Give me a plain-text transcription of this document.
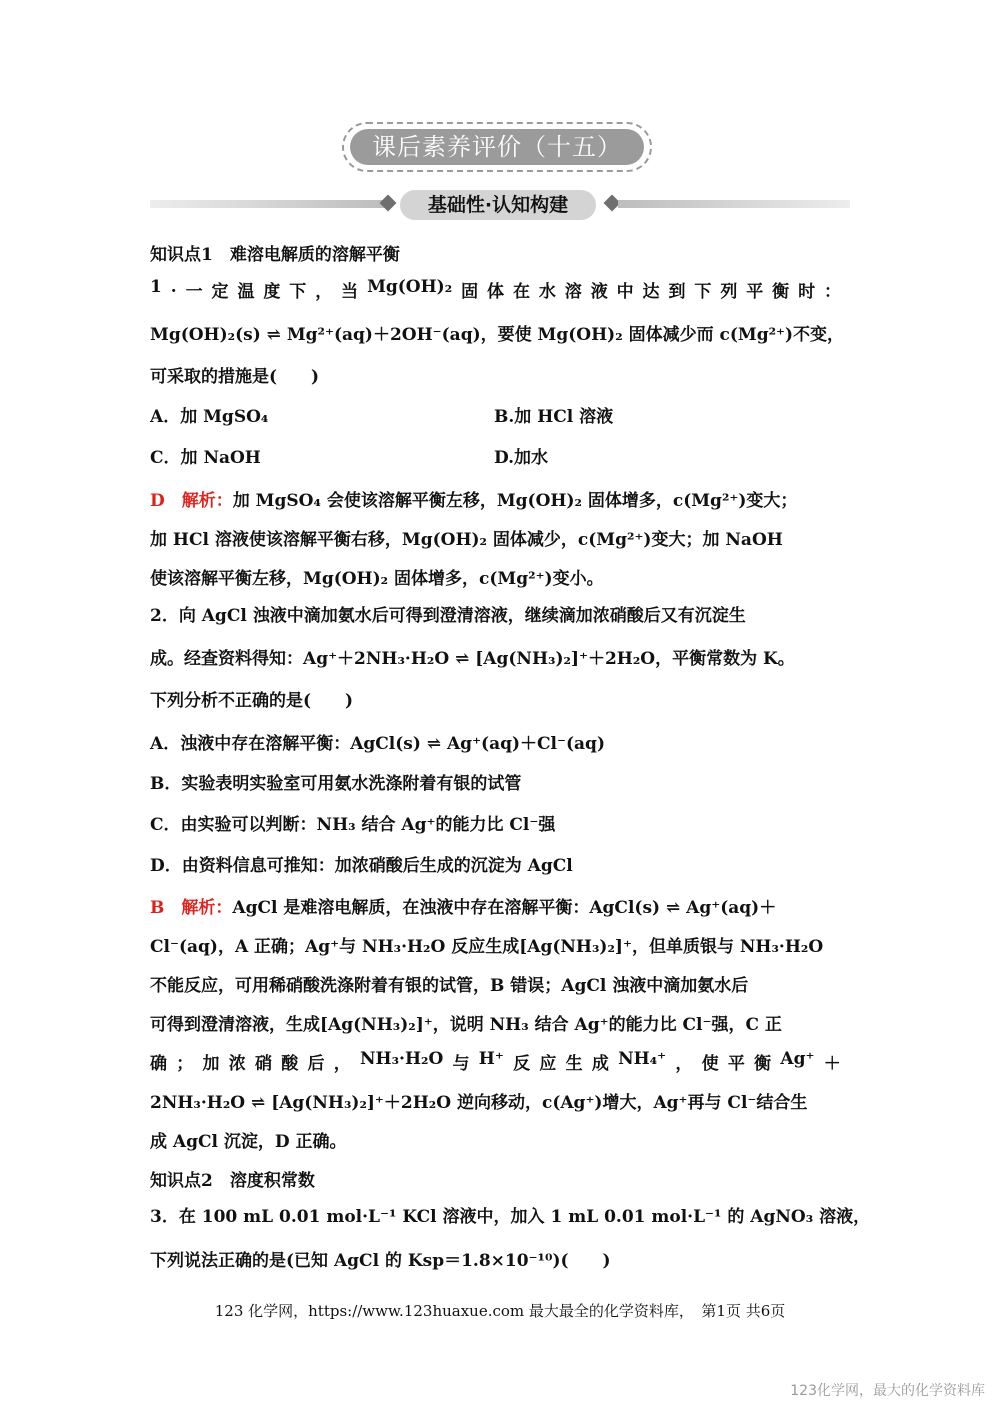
课后素养评价（十五）
基础性·认知构建
知识点1　难溶电解质的溶解平衡
1 . 一 定 温 度 下 ， 当 Mg(OH)₂ 固 体 在 水 溶 液 中 达 到 下 列 平 衡 时 ：
Mg(OH)₂(s) ⇌ Mg²⁺(aq)＋2OH⁻(aq)，要使 Mg(OH)₂ 固体减少而 c(Mg²⁺)不变，
可采取的措施是(　　)
A．加 MgSO₄	B.加 HCl 溶液
C．加 NaOH	D.加水
D　 解析：加 MgSO₄ 会使该溶解平衡左移，Mg(OH)₂ 固体增多，c(Mg²⁺)变大；
加 HCl 溶液使该溶解平衡右移，Mg(OH)₂ 固体减少，c(Mg²⁺)变大；加 NaOH
使该溶解平衡左移，Mg(OH)₂ 固体增多，c(Mg²⁺)变小。
2．向 AgCl 浊液中滴加氨水后可得到澄清溶液，继续滴加浓硝酸后又有沉淀生
成。经查资料得知：Ag⁺＋2NH₃·H₂O ⇌ [Ag(NH₃)₂]⁺＋2H₂O，平衡常数为 K。
下列分析不正确的是(　　)
A．浊液中存在溶解平衡：AgCl(s) ⇌ Ag⁺(aq)＋Cl⁻(aq)
B．实验表明实验室可用氨水洗涤附着有银的试管
C．由实验可以判断：NH₃ 结合 Ag⁺的能力比 Cl⁻强
D．由资料信息可推知：加浓硝酸后生成的沉淀为 AgCl
B　 解析：AgCl 是难溶电解质，在浊液中存在溶解平衡：AgCl(s) ⇌ Ag⁺(aq)＋
Cl⁻(aq)，A 正确；Ag⁺与 NH₃·H₂O 反应生成[Ag(NH₃)₂]⁺，但单质银与 NH₃·H₂O
不能反应，可用稀硝酸洗涤附着有银的试管，B 错误；AgCl 浊液中滴加氨水后
可得到澄清溶液，生成[Ag(NH₃)₂]⁺，说明 NH₃ 结合 Ag⁺的能力比 Cl⁻强，C 正
确 ； 加 浓 硝 酸 后 ， NH₃·H₂O 与 H⁺ 反 应 生 成 NH₄⁺ ， 使 平 衡 Ag⁺ ＋
2NH₃·H₂O ⇌ [Ag(NH₃)₂]⁺＋2H₂O 逆向移动，c(Ag⁺)增大，Ag⁺再与 Cl⁻结合生
成 AgCl 沉淀，D 正确。
知识点2　溶度积常数
3．在 100 mL 0.01 mol·L⁻¹ KCl 溶液中，加入 1 mL 0.01 mol·L⁻¹ 的 AgNO₃ 溶液，
下列说法正确的是(已知 AgCl 的 Ksp＝1.8×10⁻¹⁰)(　　)
123 化学网，https://www.123huaxue.com 最大最全的化学资料库，　第1页 共6页
123化学网，最大的化学资料库
